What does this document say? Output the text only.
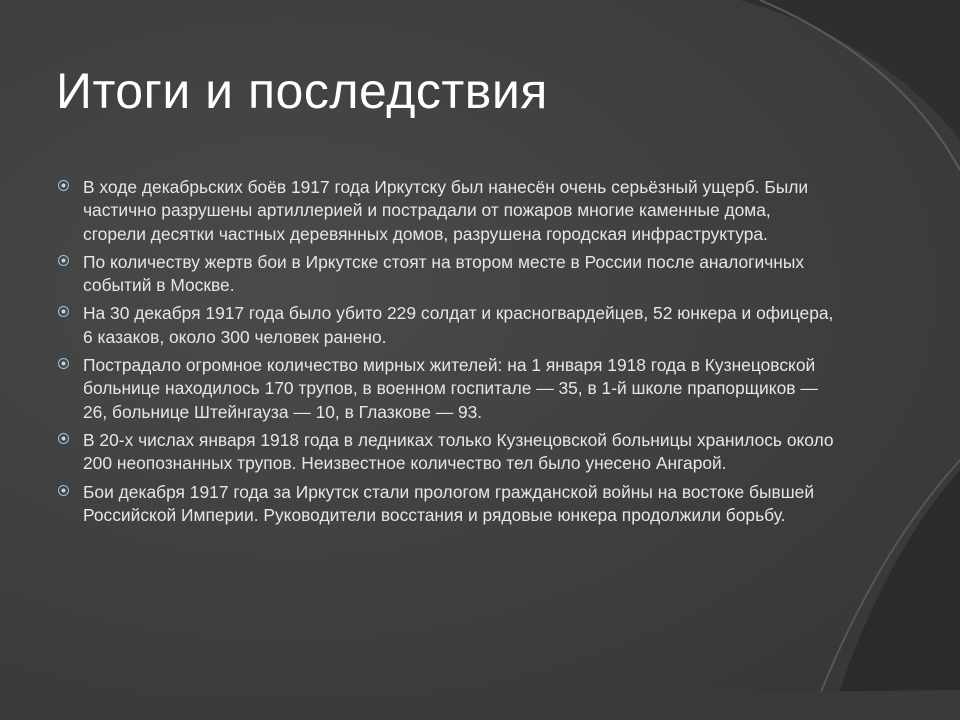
Итоги и последствия
В ходе декабрьских боёв 1917 года Иркутску был нанесён очень серьёзный ущерб. Были частично разрушены артиллерией и пострадали от пожаров многие каменные дома, сгорели десятки частных деревянных домов, разрушена городская инфраструктура.
По количеству жертв бои в Иркутске стоят на втором месте в России после аналогичных событий в Москве.
На 30 декабря 1917 года было убито 229 солдат и красногвардейцев, 52 юнкера и офицера, 6 казаков, около 300 человек ранено.
Пострадало огромное количество мирных жителей: на 1 января 1918 года в Кузнецовской больнице находилось 170 трупов, в военном госпитале — 35, в 1-й школе прапорщиков — 26, больнице Штейнгауза — 10, в Глазкове — 93.
В 20-х числах января 1918 года в ледниках только Кузнецовской больницы хранилось около 200 неопознанных трупов. Неизвестное количество тел было унесено Ангарой.
Бои декабря 1917 года за Иркутск стали прологом гражданской войны на востоке бывшей Российской Империи. Руководители восстания и рядовые юнкера продолжили борьбу.
